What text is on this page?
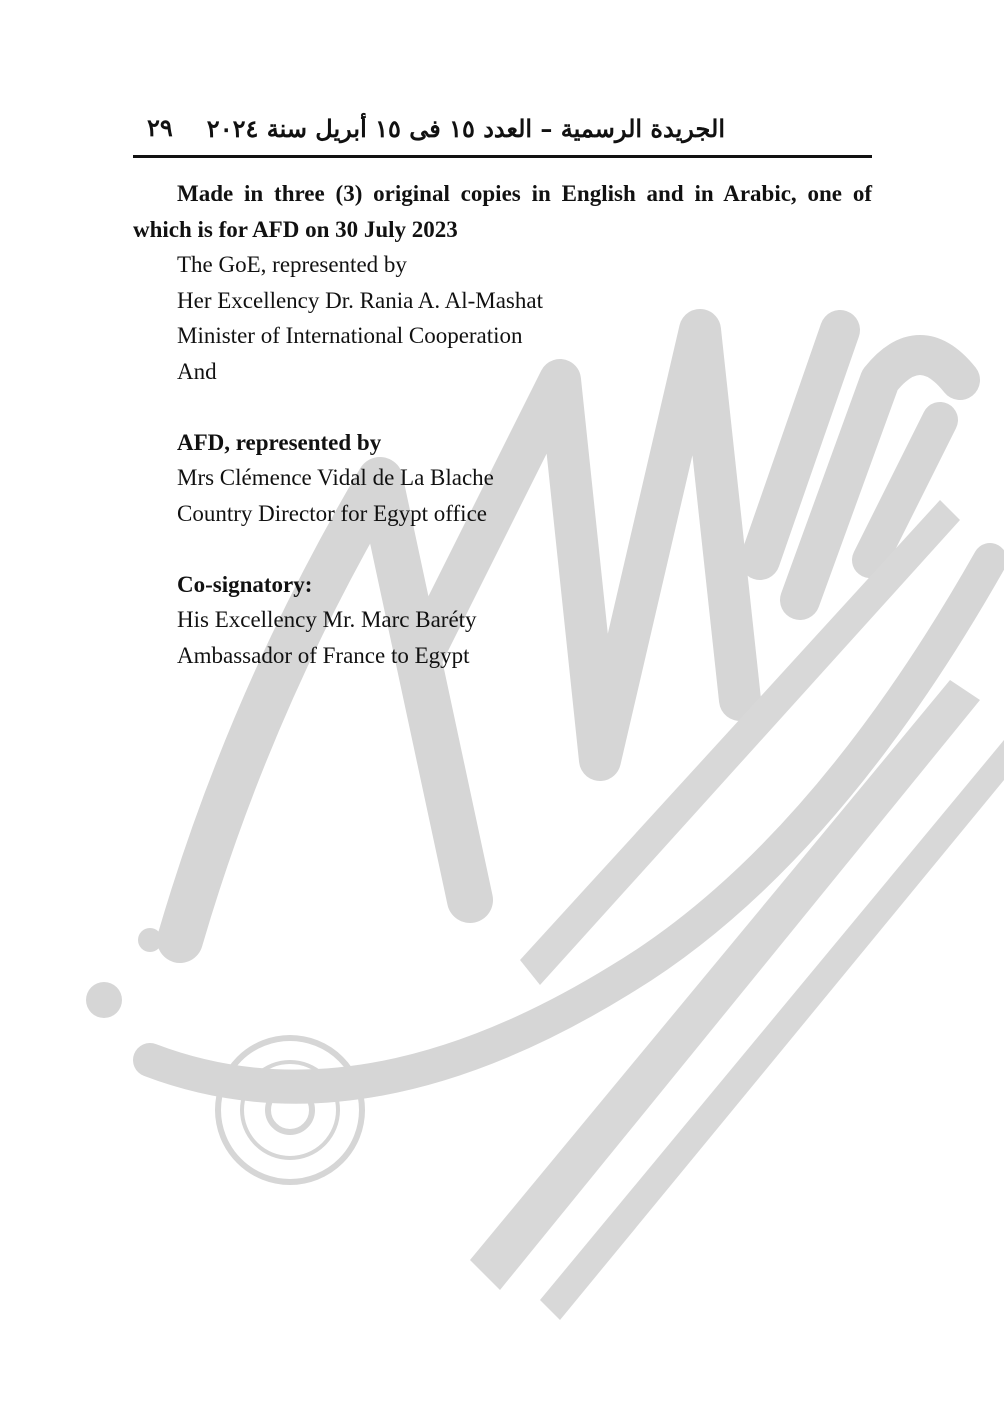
٢٩ الجريدة الرسمية – العدد ١٥ فى ١٥ أبريل سنة ٢٠٢٤

Made in three (3) original copies in English and in Arabic, one of which is for AFD on 30 July 2023

The GoE, represented by

Her Excellency Dr. Rania A. Al-Mashat

Minister of International Cooperation

And

AFD, represented by

Mrs Clémence Vidal de La Blache

Country Director for Egypt office

Co-signatory:

His Excellency Mr. Marc Baréty

Ambassador of France to Egypt
